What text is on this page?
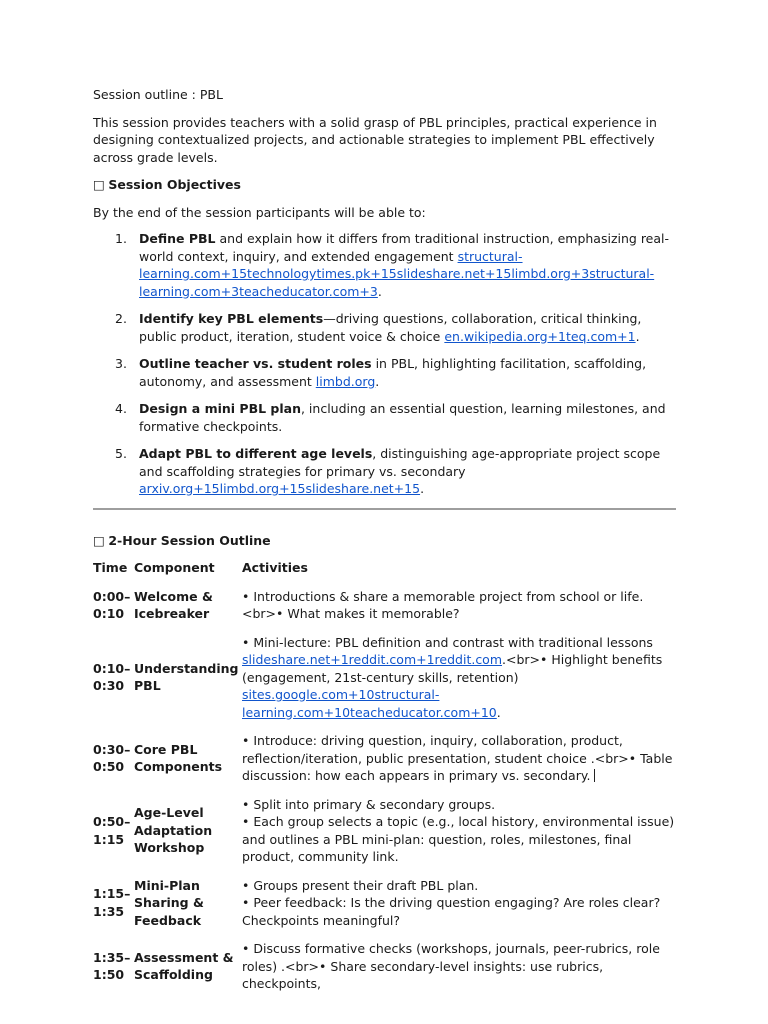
Session outline : PBL

This session provides teachers with a solid grasp of PBL principles, practical experience in designing contextualized projects, and actionable strategies to implement PBL effectively across grade levels.

□ Session Objectives

By the end of the session participants will be able to:

1. Define PBL and explain how it differs from traditional instruction, emphasizing real-world context, inquiry, and extended engagement structural-learning.com+15technologytimes.pk+15slideshare.net+15limbd.org+3structural-learning.com+3teacheducator.com+3.
2. Identify key PBL elements—driving questions, collaboration, critical thinking, public product, iteration, student voice & choice en.wikipedia.org+1teq.com+1.
3. Outline teacher vs. student roles in PBL, highlighting facilitation, scaffolding, autonomy, and assessment limbd.org.
4. Design a mini PBL plan, including an essential question, learning milestones, and formative checkpoints.
5. Adapt PBL to different age levels, distinguishing age-appropriate project scope and scaffolding strategies for primary vs. secondary arxiv.org+15limbd.org+15slideshare.net+15.

□ 2-Hour Session Outline

Time	Component	Activities
0:00– 0:10	Welcome & Icebreaker	• Introductions & share a memorable project from school or life.<br>• What makes it memorable?
0:10– 0:30	Understanding PBL	• Mini-lecture: PBL definition and contrast with traditional lessons slideshare.net+1reddit.com+1reddit.com.<br>• Highlight benefits (engagement, 21st-century skills, retention) sites.google.com+10structural-learning.com+10teacheducator.com+10.
0:30– 0:50	Core PBL Components	• Introduce: driving question, inquiry, collaboration, product, reflection/iteration, public presentation, student choice .<br>• Table discussion: how each appears in primary vs. secondary.
0:50– 1:15	Age-Level Adaptation Workshop	• Split into primary & secondary groups.
• Each group selects a topic (e.g., local history, environmental issue) and outlines a PBL mini-plan: question, roles, milestones, final product, community link.

1:15– 1:35	Mini-Plan Sharing & Feedback	• Groups present their draft PBL plan.
• Peer feedback: Is the driving question engaging? Are roles clear? Checkpoints meaningful?

1:35– 1:50	Assessment & Scaffolding	• Discuss formative checks (workshops, journals, peer-rubrics, role roles) .<br>• Share secondary-level insights: use rubrics, checkpoints,
